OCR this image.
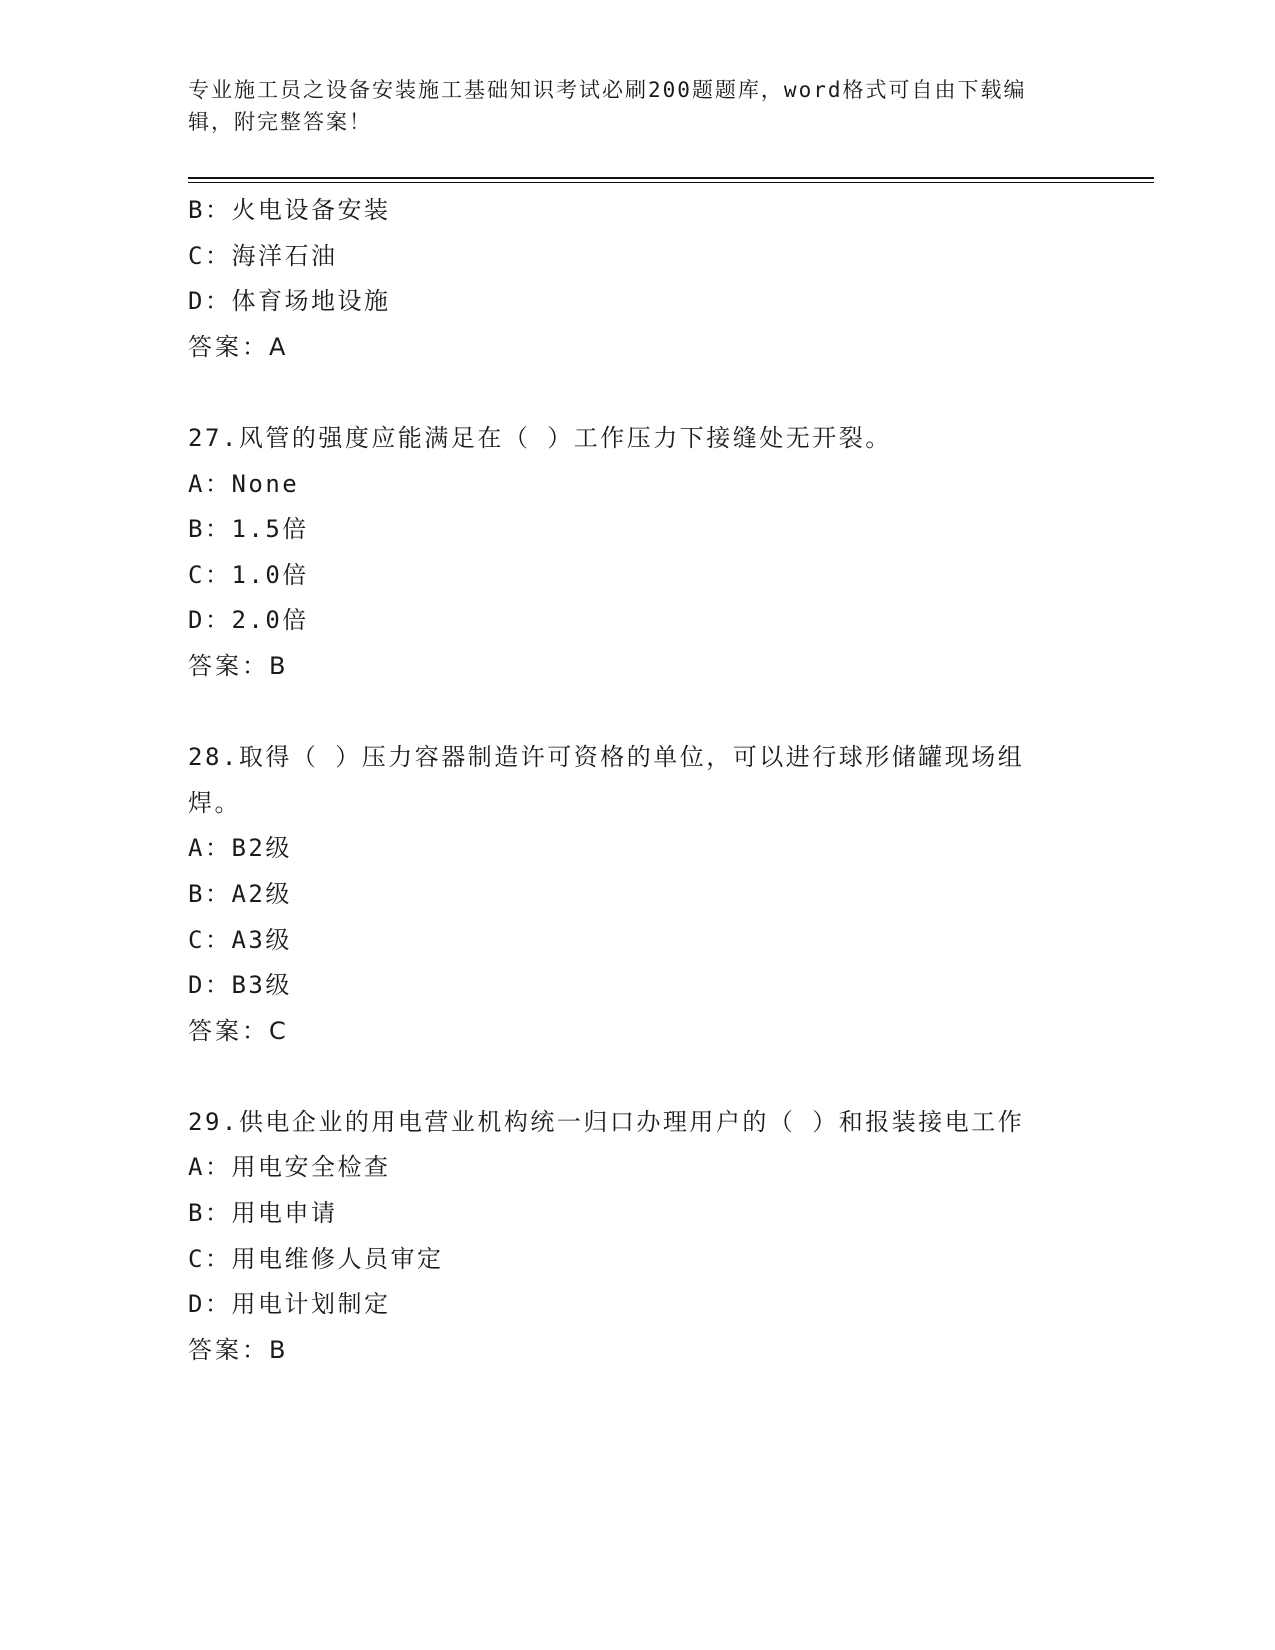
专业施工员之设备安装施工基础知识考试必刷200题题库，word格式可自由下载编辑，附完整答案！

B：火电设备安装

C：海洋石油

D：体育场地设施

答案：A

27.风管的强度应能满足在（ ）工作压力下接缝处无开裂。

A：None

B：1.5倍

C：1.0倍

D：2.0倍

答案：B

28.取得（ ）压力容器制造许可资格的单位，可以进行球形储罐现场组焊。

A：B2级

B：A2级

C：A3级

D：B3级

答案：C

29.供电企业的用电营业机构统一归口办理用户的（ ）和报装接电工作

A：用电安全检查

B：用电申请

C：用电维修人员审定

D：用电计划制定

答案：B
